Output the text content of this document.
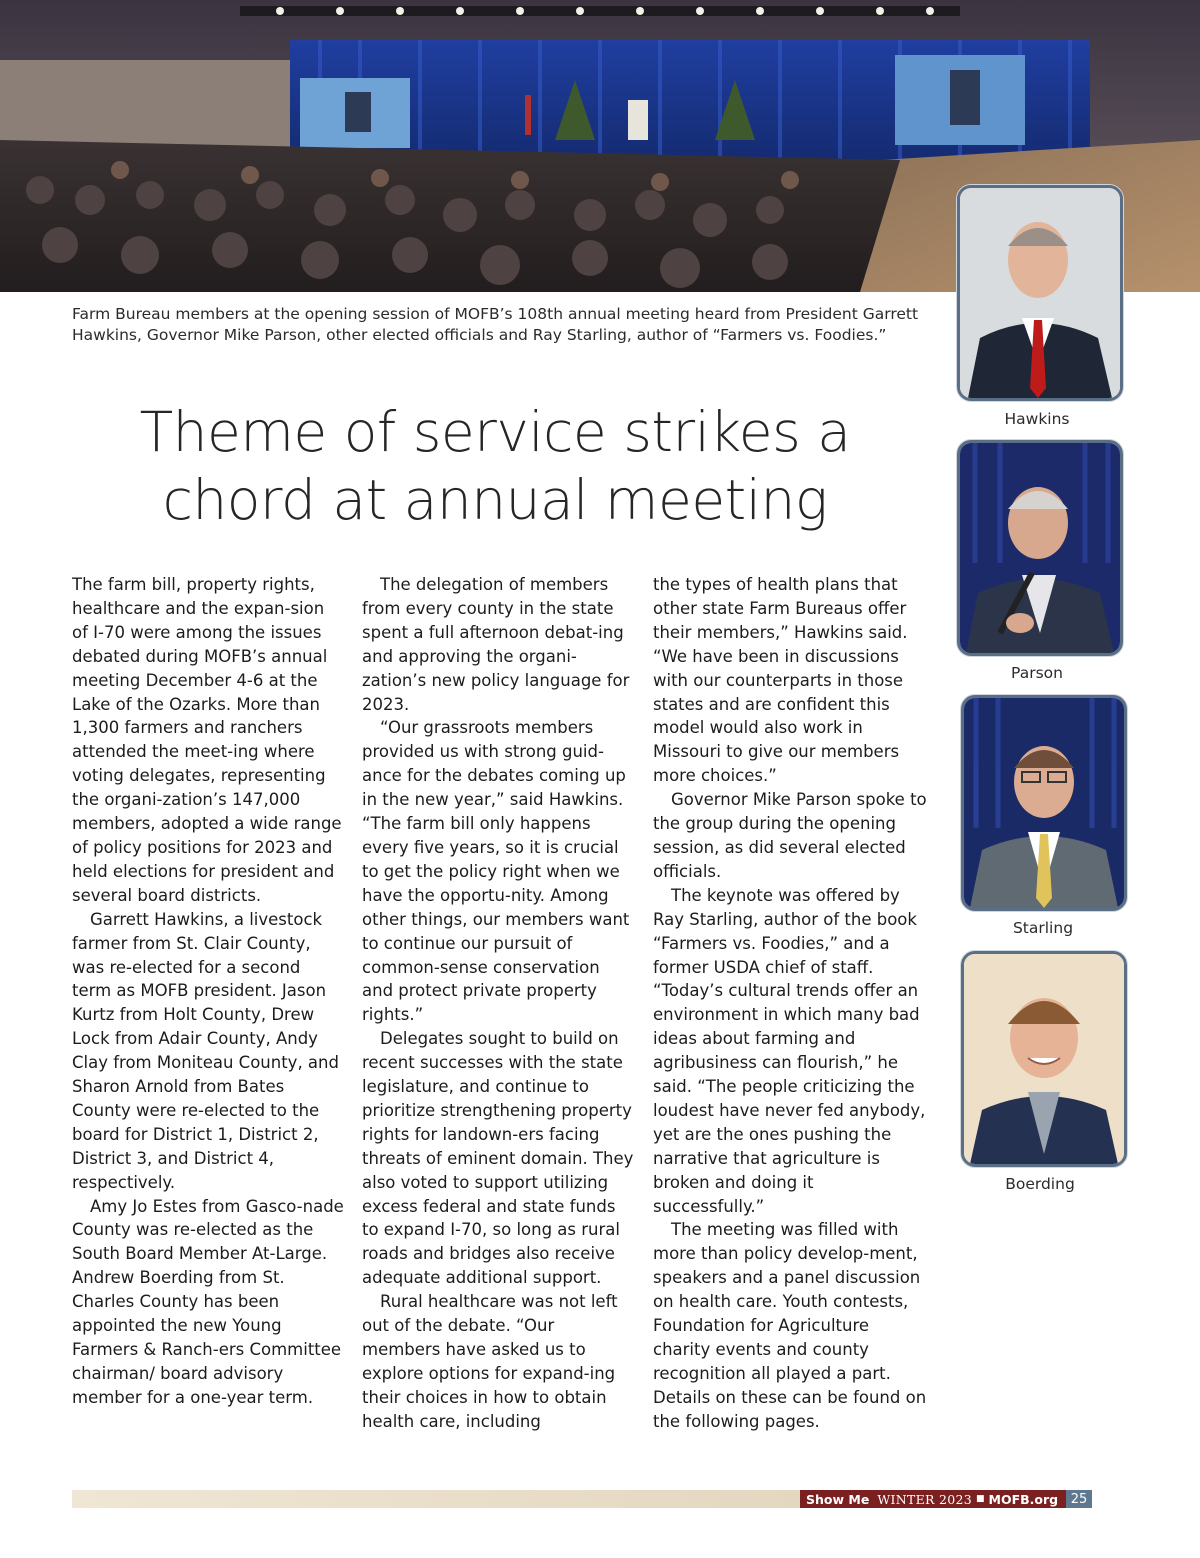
Farm Bureau members at the opening session of MOFB’s 108th annual meeting heard from President Garrett Hawkins, Governor Mike Parson, other elected officials and Ray Starling, author of “Farmers vs. Foodies.”
Theme of service strikes a
chord at annual meeting

The farm bill, property rights, healthcare and the expan-sion of I-70 were among the issues debated during MOFB’s annual meeting December 4-6 at the Lake of the Ozarks. More than 1,300 farmers and ranchers attended the meet-ing where voting delegates, representing the organi-zation’s 147,000 members, adopted a wide range of policy positions for 2023 and held elections for president and several board districts.

Garrett Hawkins, a livestock farmer from St. Clair County, was re-elected for a second term as MOFB president. Jason Kurtz from Holt County, Drew Lock from Adair County, Andy Clay from Moniteau County, and Sharon Arnold from Bates County were re-elected to the board for District 1, District 2, District 3, and District 4, respectively.

Amy Jo Estes from Gasco-nade County was re-elected as the South Board Member At-Large. Andrew Boerding from St. Charles County has been appointed the new Young Farmers & Ranch-ers Committee chairman/ board advisory member for a one-year term.

The delegation of members from every county in the state spent a full afternoon debat-ing and approving the organi-zation’s new policy language for 2023.

“Our grassroots members provided us with strong guid-ance for the debates coming up in the new year,” said Hawkins. “The farm bill only happens every five years, so it is crucial to get the policy right when we have the opportu-nity. Among other things, our members want to continue our pursuit of common-sense conservation and protect private property rights.”

Delegates sought to build on recent successes with the state legislature, and continue to prioritize strengthening property rights for landown-ers facing threats of eminent domain. They also voted to support utilizing excess federal and state funds to expand I-70, so long as rural roads and bridges also receive adequate additional support.

Rural healthcare was not left out of the debate. “Our members have asked us to explore options for expand-ing their choices in how to obtain health care, including

the types of health plans that other state Farm Bureaus offer their members,” Hawkins said. “We have been in discussions with our counterparts in those states and are confident this model would also work in Missouri to give our members more choices.”

Governor Mike Parson spoke to the group during the opening session, as did several elected officials.

The keynote was offered by Ray Starling, author of the book “Farmers vs. Foodies,” and a former USDA chief of staff. “Today’s cultural trends offer an environment in which many bad ideas about farming and agribusiness can flourish,” he said. “The people criticizing the loudest have never fed anybody, yet are the ones pushing the narrative that agriculture is broken and doing it successfully.”

The meeting was filled with more than policy develop-ment, speakers and a panel discussion on health care. Youth contests, Foundation for Agriculture charity events and county recognition all played a part. Details on these can be found on the following pages.

Hawkins
Parson
Starling
Boerding
Show Me WINTER 2023 ■ MOFB.org 25
